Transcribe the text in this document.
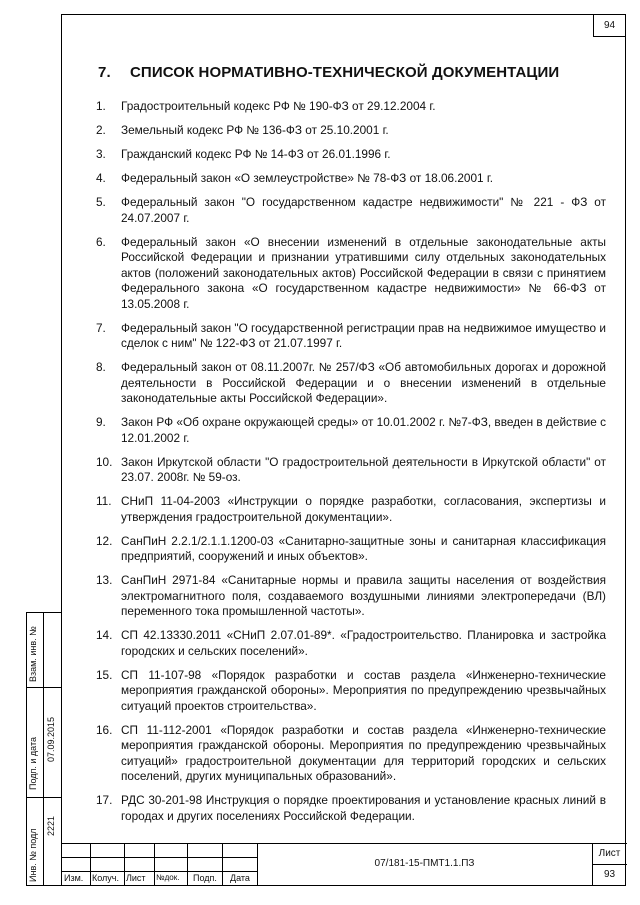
94
7. СПИСОК НОРМАТИВНО-ТЕХНИЧЕСКОЙ ДОКУМЕНТАЦИИ
1.	Градостроительный кодекс РФ № 190-ФЗ от 29.12.2004 г.
2.	Земельный кодекс РФ № 136-ФЗ от 25.10.2001 г.
3.	Гражданский кодекс РФ № 14-ФЗ от 26.01.1996 г.
4.	Федеральный закон «О землеустройстве» № 78-ФЗ от 18.06.2001 г.
5.	Федеральный закон "О государственном кадастре недвижимости" № 221 - ФЗ от 24.07.2007 г.
6.	Федеральный закон «О внесении изменений в отдельные законодательные акты Российской Федерации и признании утратившими силу отдельных законодательных актов (положений законодательных актов) Российской Федерации в связи с принятием Федерального закона «О государственном кадастре недвижимости» № 66-ФЗ от 13.05.2008 г.
7.	Федеральный закон "О государственной регистрации прав на недвижимое имущество и сделок с ним" № 122-ФЗ от 21.07.1997 г.
8.	Федеральный закон от 08.11.2007г. № 257/ФЗ «Об автомобильных дорогах и дорожной деятельности в Российской Федерации и о внесении изменений в отдельные законодательные акты Российской Федерации».
9.	Закон РФ «Об охране окружающей среды» от 10.01.2002 г. №7-ФЗ, введен в действие с 12.01.2002 г.
10. Закон Иркутской области "О градостроительной деятельности в Иркутской области" от 23.07. 2008г. № 59-оз.
11. СНиП 11-04-2003 «Инструкции о порядке разработки, согласования, экспертизы и утверждения градостроительной документации».
12. СанПиН 2.2.1/2.1.1.1200-03 «Санитарно-защитные зоны и санитарная классификация предприятий, сооружений и иных объектов».
13. СанПиН 2971-84 «Санитарные нормы и правила защиты населения от воздействия электромагнитного поля, создаваемого воздушными линиями электропередачи (ВЛ) переменного тока промышленной частоты».
14. СП 42.13330.2011 «СНиП 2.07.01-89*. «Градостроительство. Планировка и застройка городских и сельских поселений».
15. СП 11-107-98 «Порядок разработки и состав раздела «Инженерно-технические мероприятия гражданской обороны». Мероприятия по предупреждению чрезвычайных ситуаций проектов строительства».
16. СП 11-112-2001 «Порядок разработки и состав раздела «Инженерно-технические мероприятия гражданской обороны. Мероприятия по предупреждению чрезвычайных ситуаций» градостроительной документации для территорий городских и сельских поселений, других муниципальных образований».
17. РДС 30-201-98 Инструкция о порядке проектирования и установление красных линий в городах и других поселениях Российской Федерации.
Изм. Колуч. Лист №док. Подп. Дата
07/181-15-ПМТ1.1.ПЗ
Лист
93
Взам. инв. №
Подп. и дата 07.09.2015
Инв. № подл
2221
